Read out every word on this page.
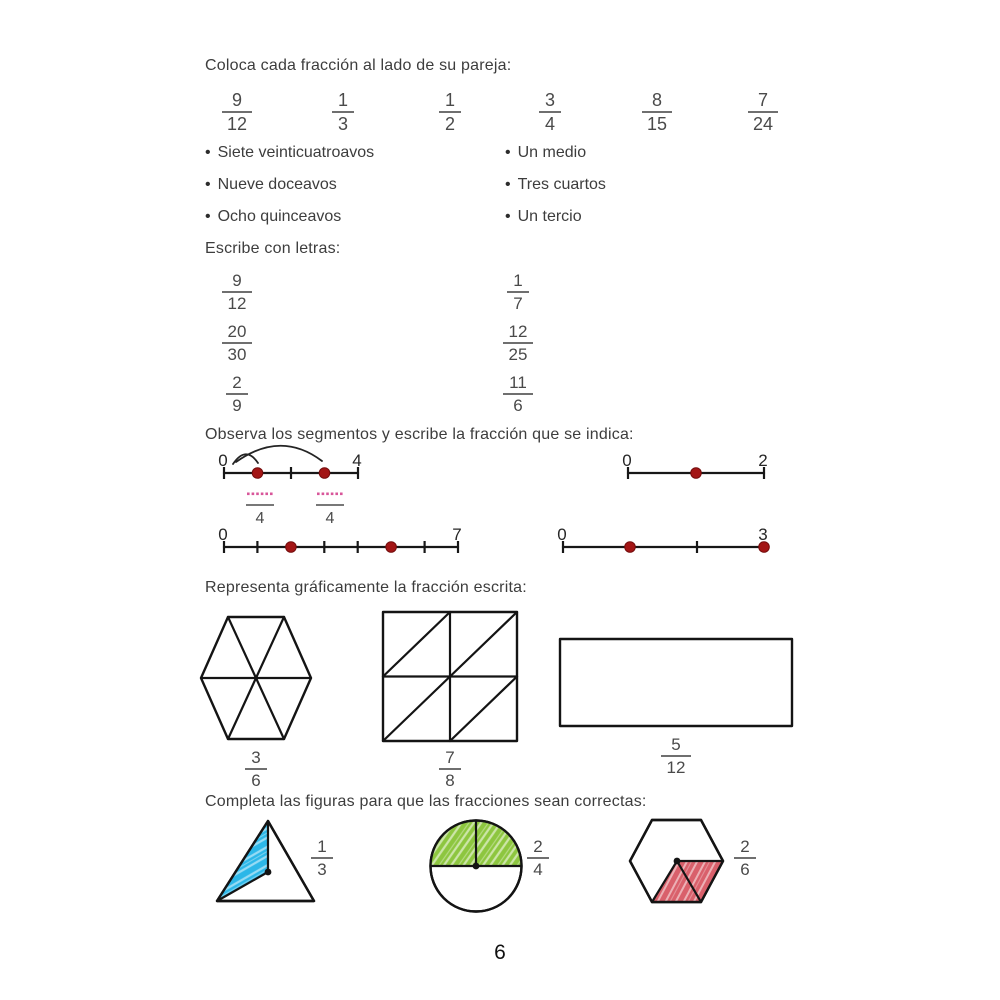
0	4
4	4
0	2
0	7	0	3
Coloca cada fracción al lado de su pareja:
9
12
1
3
1
2
3
4
8
15
7
24
•
Siete veinticuatroavos
•
Nueve doceavos
•
Ocho quinceavos
•
Un medio
•
Tres cuartos
•
Un tercio
Escribe con letras:
9
12
20
30
2
9
1
7
12
25
11
6
Observa los segmentos y escribe la fracción que se indica:
Representa gráficamente la fracción escrita:
3
6
7
8
5
12
Completa las figuras para que las fracciones sean correctas:
1
3
2
4
2
6
6
